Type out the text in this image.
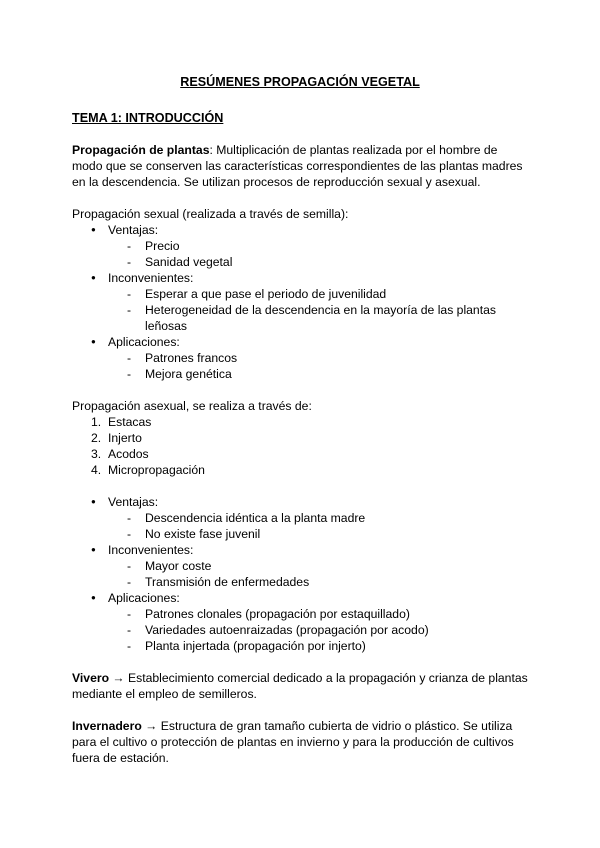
RESÚMENES PROPAGACIÓN VEGETAL
TEMA 1: INTRODUCCIÓN
Propagación de plantas: Multiplicación de plantas realizada por el hombre de
modo que se conserven las características correspondientes de las plantas madres
en la descendencia. Se utilizan procesos de reproducción sexual y asexual.
Propagación sexual (realizada a través de semilla):
● Ventajas:
- Precio
- Sanidad vegetal
● Inconvenientes:
- Esperar a que pase el periodo de juvenilidad
- Heterogeneidad de la descendencia en la mayoría de las plantas
leñosas
● Aplicaciones:
- Patrones francos
- Mejora genética
Propagación asexual, se realiza a través de:
1. Estacas
2. Injerto
3. Acodos
4. Micropropagación
● Ventajas:
- Descendencia idéntica a la planta madre
- No existe fase juvenil
● Inconvenientes:
- Mayor coste
- Transmisión de enfermedades
● Aplicaciones:
- Patrones clonales (propagación por estaquillado)
- Variedades autoenraizadas (propagación por acodo)
- Planta injertada (propagación por injerto)
Vivero → Establecimiento comercial dedicado a la propagación y crianza de plantas
mediante el empleo de semilleros.
Invernadero → Estructura de gran tamaño cubierta de vidrio o plástico. Se utiliza
para el cultivo o protección de plantas en invierno y para la producción de cultivos
fuera de estación.
